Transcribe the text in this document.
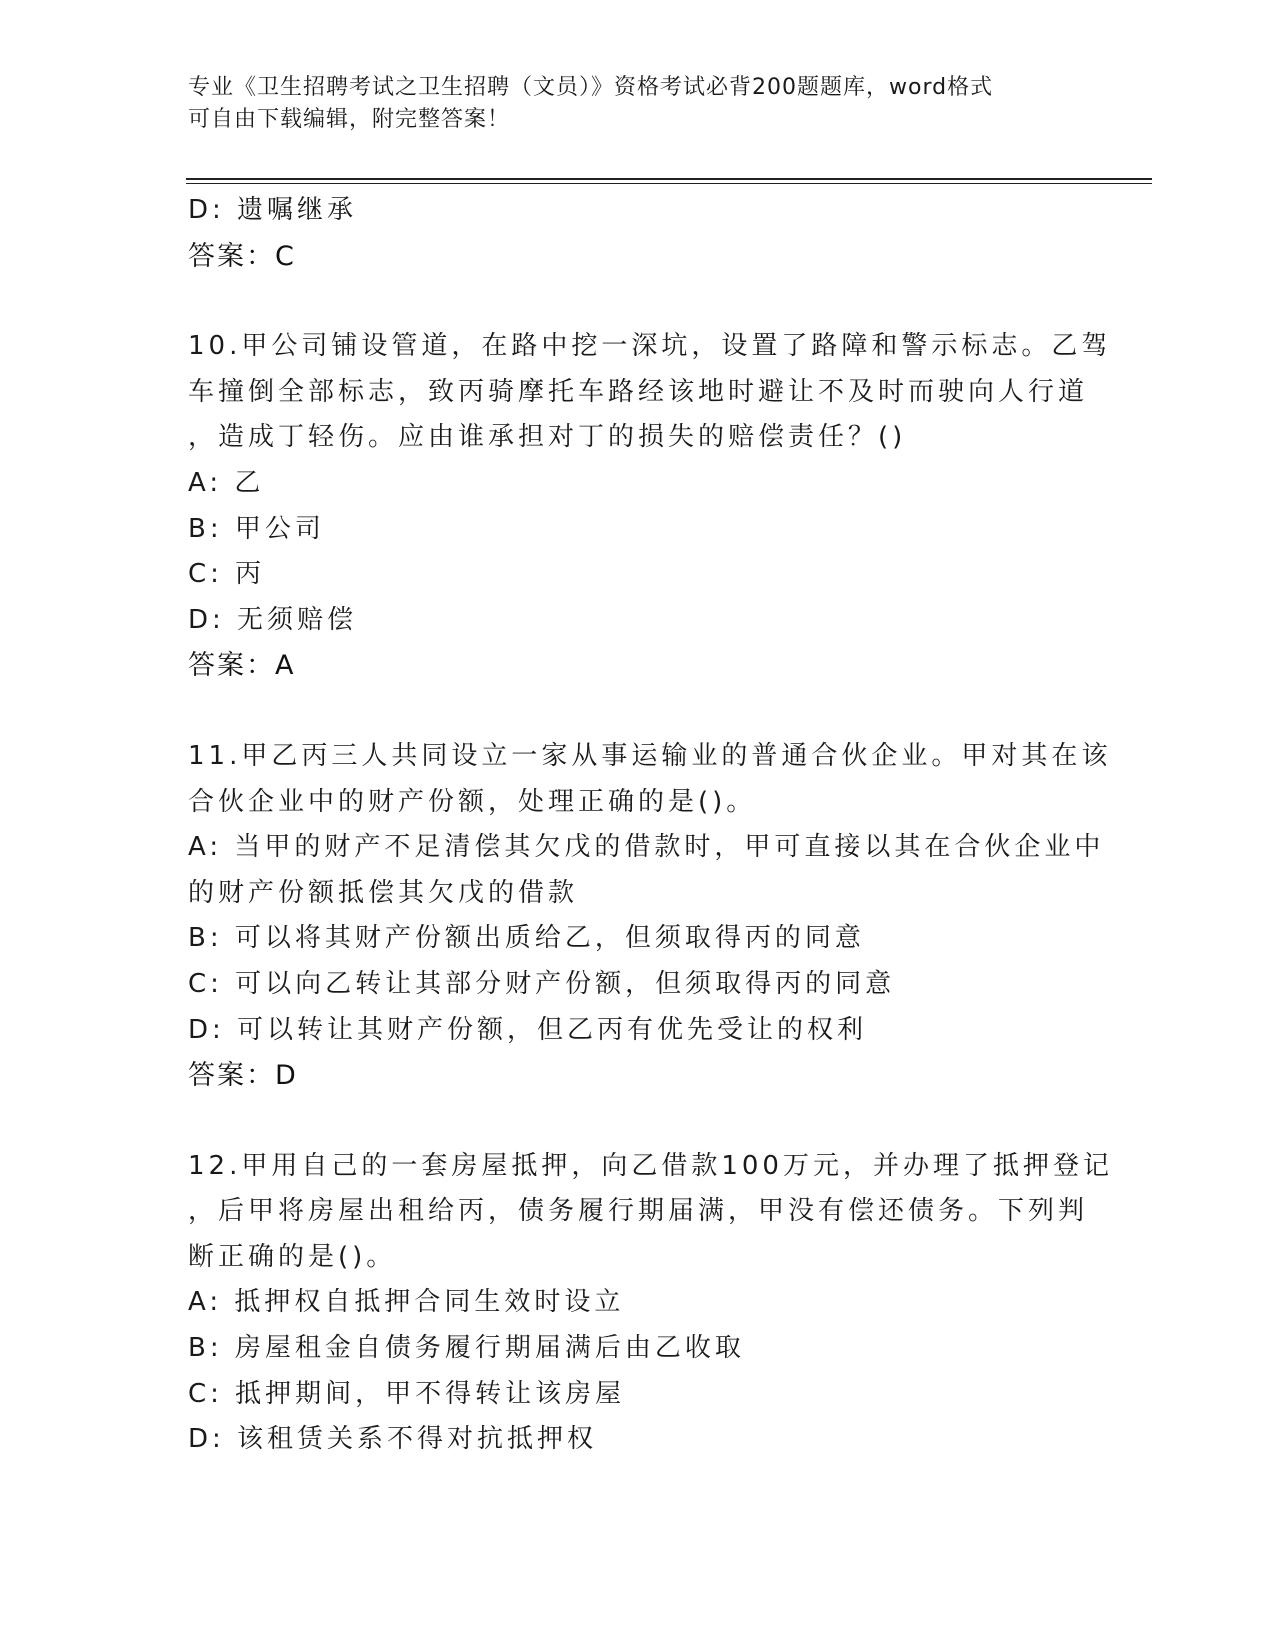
专业《卫生招聘考试之卫生招聘（文员）》资格考试必背200题题库，word格式
可自由下载编辑，附完整答案！
D: 遗嘱继承
答案：C
10.甲公司铺设管道，在路中挖一深坑，设置了路障和警示标志。乙驾
车撞倒全部标志，致丙骑摩托车路经该地时避让不及时而驶向人行道
，造成丁轻伤。应由谁承担对丁的损失的赔偿责任？()
A: 乙
B: 甲公司
C: 丙
D: 无须赔偿
答案：A
11.甲乙丙三人共同设立一家从事运输业的普通合伙企业。甲对其在该
合伙企业中的财产份额，处理正确的是()。
A: 当甲的财产不足清偿其欠戊的借款时，甲可直接以其在合伙企业中
的财产份额抵偿其欠戊的借款
B: 可以将其财产份额出质给乙，但须取得丙的同意
C: 可以向乙转让其部分财产份额，但须取得丙的同意
D: 可以转让其财产份额，但乙丙有优先受让的权利
答案：D
12.甲用自己的一套房屋抵押，向乙借款100万元，并办理了抵押登记
，后甲将房屋出租给丙，债务履行期届满，甲没有偿还债务。下列判
断正确的是()。
A: 抵押权自抵押合同生效时设立
B: 房屋租金自债务履行期届满后由乙收取
C: 抵押期间，甲不得转让该房屋
D: 该租赁关系不得对抗抵押权
